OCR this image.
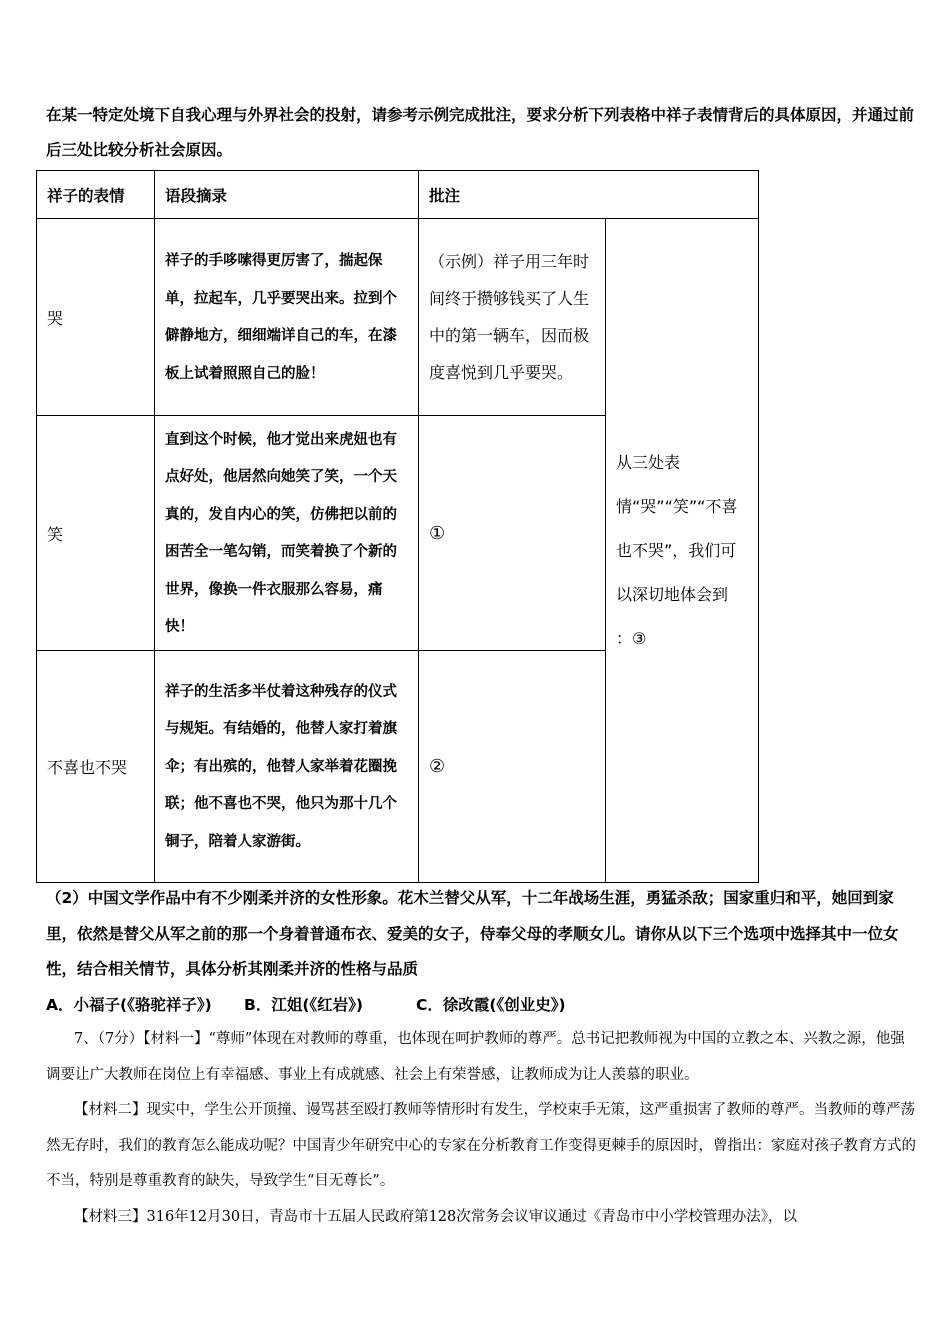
在某一特定处境下自我心理与外界社会的投射，请参考示例完成批注，要求分析下列表格中祥子表情背后的具体原因，并通过前后三处比较分析社会原因。

祥子的表情	语段摘录	批注	
哭	祥子的手哆嗦得更厉害了，揣起保单，拉起车，几乎要哭出来。拉到个僻静地方，细细端详自己的车，在漆板上试着照照自己的脸！	（示例）祥子用三年时间终于攒够钱买了人生中的第一辆车，因而极度喜悦到几乎要哭。	从三处表情“哭”“笑”“不喜也不哭”，我们可以深切地体会到 ：③
笑	直到这个时候，他才觉出来虎妞也有点好处，他居然向她笑了笑，一个天真的，发自内心的笑，仿佛把以前的困苦全一笔勾销，而笑着换了个新的世界，像换一件衣服那么容易，痛快！	①	
不喜也不哭	祥子的生活多半仗着这种残存的仪式与规矩。有结婚的，他替人家打着旗伞；有出殡的，他替人家举着花圈挽联；他不喜也不哭，他只为那十几个铜子，陪着人家游街。	②	

（2）中国文学作品中有不少刚柔并济的女性形象。花木兰替父从军，十二年战场生涯，勇猛杀敌；国家重归和平，她回到家里，依然是替父从军之前的那一个身着普通布衣、爱美的女子，侍奉父母的孝顺女儿。请你从以下三个选项中选择其中一位女性，结合相关情节，具体分析其刚柔并济的性格与品质

A．小福子(《骆驼祥子》) B．江姐(《红岩》)	C．徐改霞(《创业史》)

7、（7分）【材料一】“尊师”体现在对教师的尊重，也体现在呵护教师的尊严。总书记把教师视为中国的立教之本、兴教之源，他强调要让广大教师在岗位上有幸福感、事业上有成就感、社会上有荣誉感，让教师成为让人羡慕的职业。

【材料二】现实中，学生公开顶撞、谩骂甚至殴打教师等情形时有发生，学校束手无策，这严重损害了教师的尊严。当教师的尊严荡然无存时，我们的教育怎么能成功呢？中国青少年研究中心的专家在分析教育工作变得更棘手的原因时，曾指出：家庭对孩子教育方式的不当，特别是尊重教育的缺失，导致学生“目无尊长”。

【材料三】316年12月30日，青岛市十五届人民政府第128次常务会议审议通过《青岛市中小学校管理办法》，以
